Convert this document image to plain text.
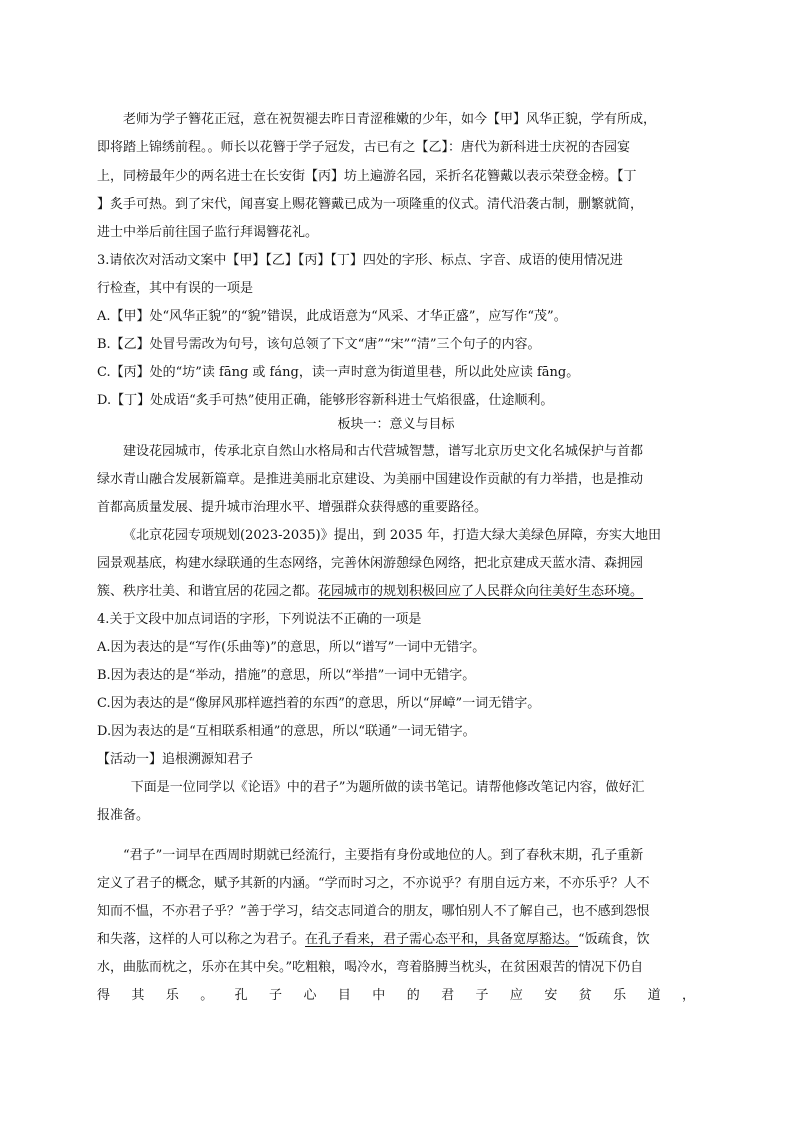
老师为学子簪花正冠，意在祝贺褪去昨日青涩稚嫩的少年，如今【甲】风华正貌，学有所成，

即将踏上锦绣前程。。师长以花簪于学子冠发，古已有之【乙】：唐代为新科进士庆祝的杏园宴

上，同榜最年少的两名进士在长安街【丙】坊上遍游名园，采折名花簪戴以表示荣登金榜。【丁

】炙手可热。到了宋代，闻喜宴上赐花簪戴已成为一项隆重的仪式。清代沿袭古制，删繁就简，

进士中举后前往国子监行拜谒簪花礼。

3.请依次对活动文案中【甲】【乙】【丙】【丁】四处的字形、标点、字音、成语的使用情况进

行检查，其中有误的一项是

A.【甲】处“风华正貌”的“貌”错误，此成语意为“风采、才华正盛”，应写作“茂”。

B.【乙】处冒号需改为句号，该句总领了下文“唐”“宋”“清”三个句子的内容。

C.【丙】处的“坊”读 fāng 或 fáng，读一声时意为街道里巷，所以此处应读 fāng。

D.【丁】处成语“炙手可热”使用正确，能够形容新科进士气焰很盛，仕途顺利。

板块一：意义与目标

建设花园城市，传承北京自然山水格局和古代营城智慧，谱写北京历史文化名城保护与首都

绿水青山融合发展新篇章。是推进美丽北京建设、为美丽中国建设作贡献的有力举措，也是推动

首都高质量发展、提升城市治理水平、增强群众获得感的重要路径。

《北京花园专项规划(2023-2035)》提出，到 2035 年，打造大绿大美绿色屏障，夯实大地田

园景观基底，构建水绿联通的生态网络，完善休闲游憩绿色网络，把北京建成天蓝水清、森拥园

簇、秩序壮美、和谐宜居的花园之都。花园城市的规划积极回应了人民群众向往美好生态环境。

4.关于文段中加点词语的字形，下列说法不正确的一项是

A.因为表达的是“写作(乐曲等)”的意思，所以“谱写”一词中无错字。

B.因为表达的是“举动，措施”的意思，所以“举措”一词中无错字。

C.因为表达的是“像屏风那样遮挡着的东西”的意思，所以“屏嶂”一词无错字。

D.因为表达的是“互相联系相通”的意思，所以“联通”一词无错字。

【活动一】追根溯源知君子

下面是一位同学以《论语》中的君子”为题所做的读书笔记。请帮他修改笔记内容，做好汇

报准备。

“君子”一词早在西周时期就已经流行，主要指有身份或地位的人。到了春秋末期，孔子重新

定义了君子的概念，赋予其新的内涵。“学而时习之，不亦说乎？有朋自远方来，不亦乐乎？人不

知而不愠，不亦君子乎？”善于学习，结交志同道合的朋友，哪怕别人不了解自己，也不感到怨恨

和失落，这样的人可以称之为君子。在孔子看来，君子需心态平和，具备宽厚豁达。“饭疏食，饮

水，曲肱而枕之，乐亦在其中矣。”吃粗粮，喝冷水，弯着胳膊当枕头，在贫困艰苦的情况下仍自

得其乐。孔子心目中的君子应安贫乐道，
